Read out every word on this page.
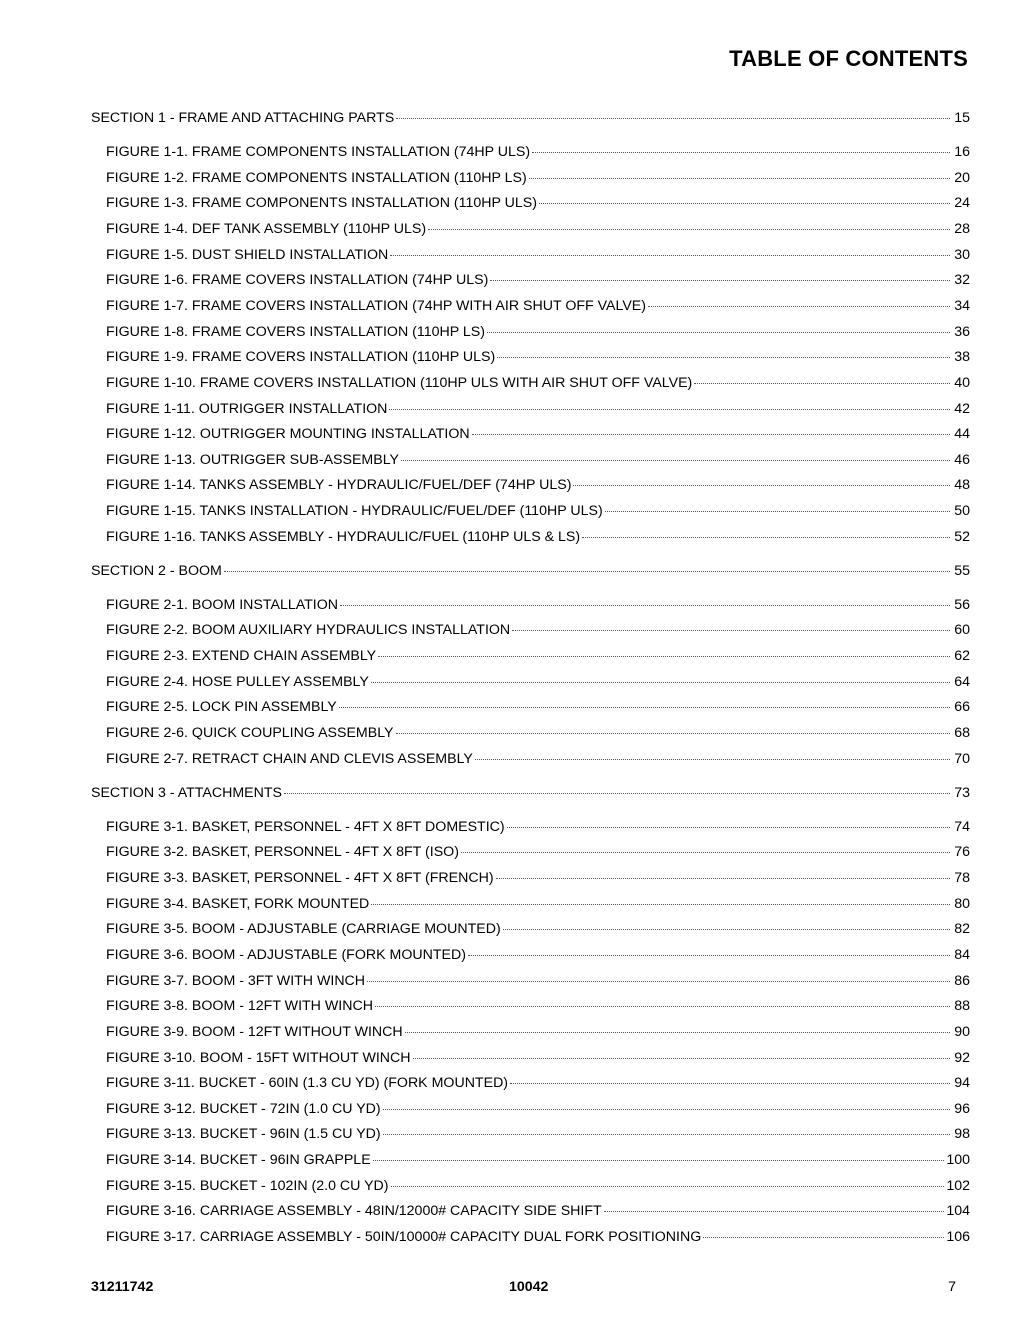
TABLE OF CONTENTS
SECTION 1 - FRAME AND ATTACHING PARTS	15
FIGURE 1-1. FRAME COMPONENTS INSTALLATION (74HP ULS)	16
FIGURE 1-2. FRAME COMPONENTS INSTALLATION (110HP LS)	20
FIGURE 1-3. FRAME COMPONENTS INSTALLATION (110HP ULS)	24
FIGURE 1-4. DEF TANK ASSEMBLY (110HP ULS)	28
FIGURE 1-5. DUST SHIELD INSTALLATION	30
FIGURE 1-6. FRAME COVERS INSTALLATION (74HP ULS)	32
FIGURE 1-7. FRAME COVERS INSTALLATION (74HP WITH AIR SHUT OFF VALVE)	34
FIGURE 1-8. FRAME COVERS INSTALLATION (110HP LS)	36
FIGURE 1-9. FRAME COVERS INSTALLATION (110HP ULS)	38
FIGURE 1-10. FRAME COVERS INSTALLATION (110HP ULS WITH AIR SHUT OFF VALVE)	40
FIGURE 1-11. OUTRIGGER INSTALLATION	42
FIGURE 1-12. OUTRIGGER MOUNTING INSTALLATION	44
FIGURE 1-13. OUTRIGGER SUB-ASSEMBLY	46
FIGURE 1-14. TANKS ASSEMBLY - HYDRAULIC/FUEL/DEF (74HP ULS)	48
FIGURE 1-15. TANKS INSTALLATION - HYDRAULIC/FUEL/DEF (110HP ULS)	50
FIGURE 1-16. TANKS ASSEMBLY - HYDRAULIC/FUEL (110HP ULS & LS)	52
SECTION 2 - BOOM	55
FIGURE 2-1. BOOM INSTALLATION	56
FIGURE 2-2. BOOM AUXILIARY HYDRAULICS INSTALLATION	60
FIGURE 2-3. EXTEND CHAIN ASSEMBLY	62
FIGURE 2-4. HOSE PULLEY ASSEMBLY	64
FIGURE 2-5. LOCK PIN ASSEMBLY	66
FIGURE 2-6. QUICK COUPLING ASSEMBLY	68
FIGURE 2-7. RETRACT CHAIN AND CLEVIS ASSEMBLY	70
SECTION 3 - ATTACHMENTS	73
FIGURE 3-1. BASKET, PERSONNEL - 4FT X 8FT DOMESTIC)	74
FIGURE 3-2. BASKET, PERSONNEL - 4FT X 8FT (ISO)	76
FIGURE 3-3. BASKET, PERSONNEL - 4FT X 8FT (FRENCH)	78
FIGURE 3-4. BASKET, FORK MOUNTED	80
FIGURE 3-5. BOOM - ADJUSTABLE (CARRIAGE MOUNTED)	82
FIGURE 3-6. BOOM - ADJUSTABLE (FORK MOUNTED)	84
FIGURE 3-7. BOOM - 3FT WITH WINCH	86
FIGURE 3-8. BOOM - 12FT WITH WINCH	88
FIGURE 3-9. BOOM - 12FT WITHOUT WINCH	90
FIGURE 3-10. BOOM - 15FT WITHOUT WINCH	92
FIGURE 3-11. BUCKET - 60IN (1.3 CU YD) (FORK MOUNTED)	94
FIGURE 3-12. BUCKET - 72IN (1.0 CU YD)	96
FIGURE 3-13. BUCKET - 96IN (1.5 CU YD)	98
FIGURE 3-14. BUCKET - 96IN GRAPPLE	100
FIGURE 3-15. BUCKET - 102IN (2.0 CU YD)	102
FIGURE 3-16. CARRIAGE ASSEMBLY - 48IN/12000# CAPACITY SIDE SHIFT	104
FIGURE 3-17. CARRIAGE ASSEMBLY - 50IN/10000# CAPACITY DUAL FORK POSITIONING	106
31211742	10042	7
